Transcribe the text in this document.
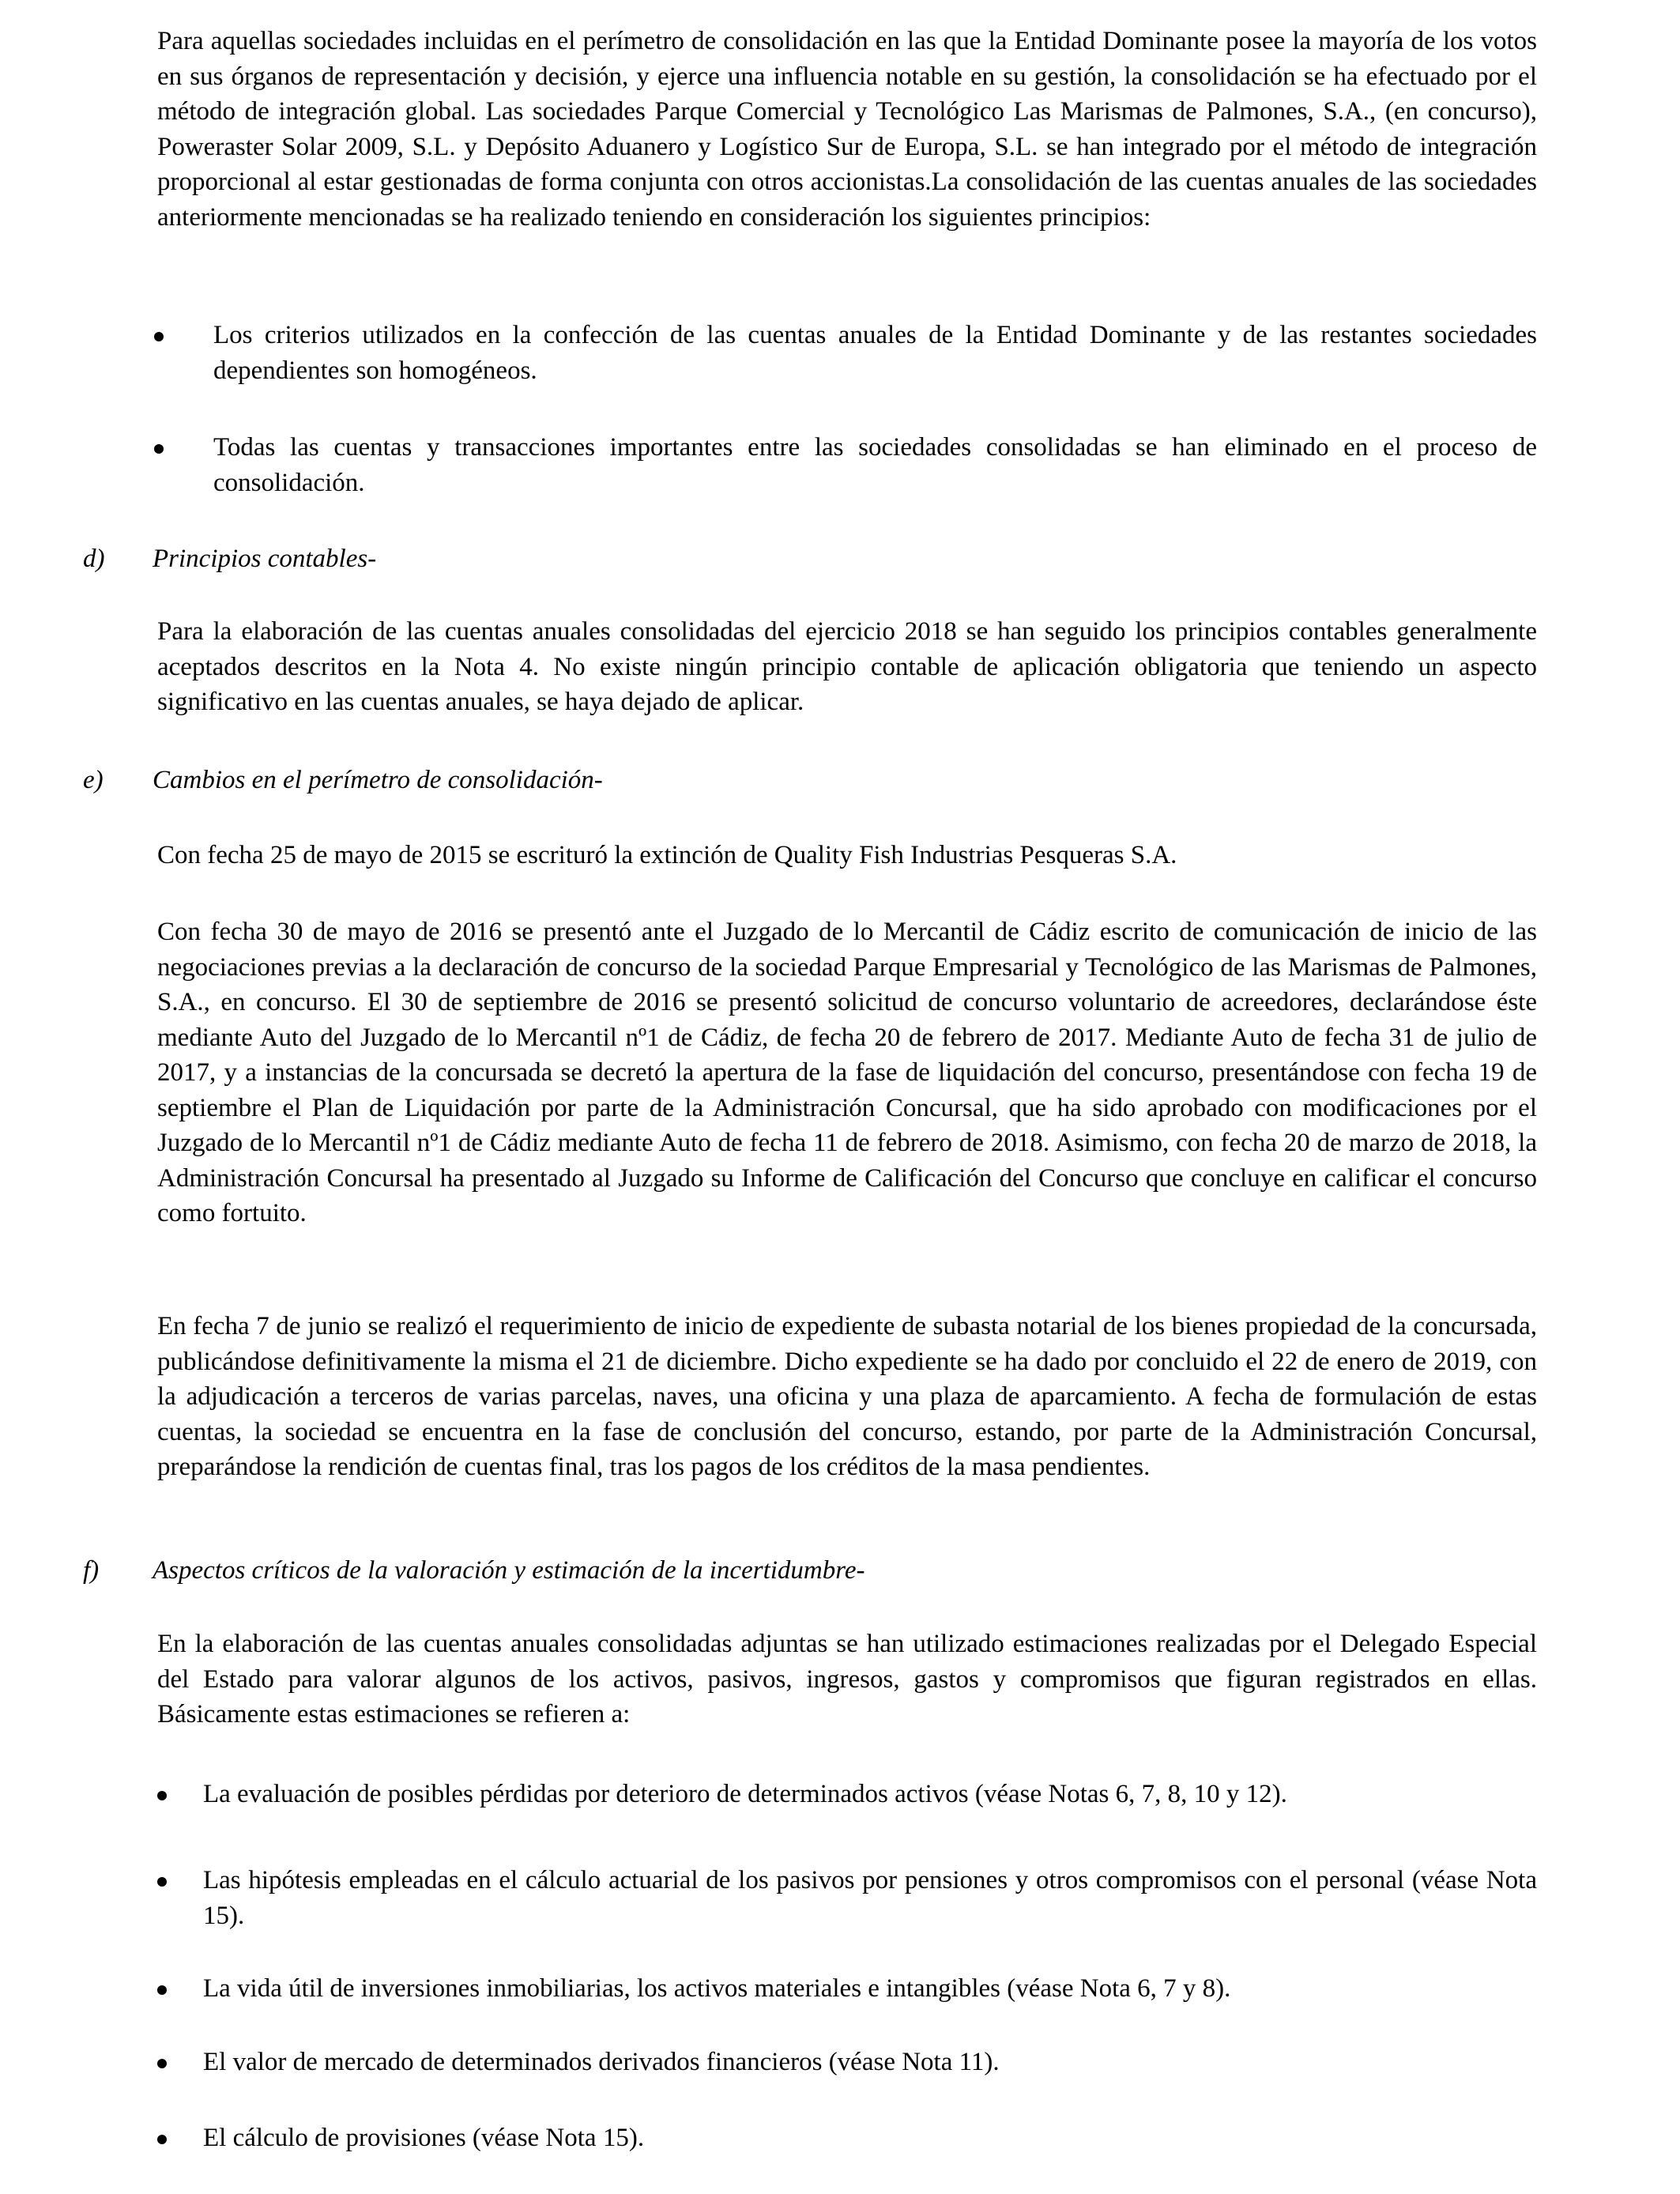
Para aquellas sociedades incluidas en el perímetro de consolidación en las que la Entidad Dominante posee la mayoría de los votos en sus órganos de representación y decisión, y ejerce una influencia notable en su gestión, la consolidación se ha efectuado por el método de integración global. Las sociedades Parque Comercial y Tecnológico Las Marismas de Palmones, S.A., (en concurso), Poweraster Solar 2009, S.L. y Depósito Aduanero y Logístico Sur de Europa, S.L. se han integrado por el método de integración proporcional al estar gestionadas de forma conjunta con otros accionistas.La consolidación de las cuentas anuales de las sociedades anteriormente mencionadas se ha realizado teniendo en consideración los siguientes principios:
Los criterios utilizados en la confección de las cuentas anuales de la Entidad Dominante y de las restantes sociedades dependientes son homogéneos.
Todas las cuentas y transacciones importantes entre las sociedades consolidadas se han eliminado en el proceso de consolidación.
d) Principios contables-
Para la elaboración de las cuentas anuales consolidadas del ejercicio 2018 se han seguido los principios contables generalmente aceptados descritos en la Nota 4. No existe ningún principio contable de aplicación obligatoria que teniendo un aspecto significativo en las cuentas anuales, se haya dejado de aplicar.
e) Cambios en el perímetro de consolidación-
Con fecha 25 de mayo de 2015 se escrituró la extinción de Quality Fish Industrias Pesqueras S.A.
Con fecha 30 de mayo de 2016 se presentó ante el Juzgado de lo Mercantil de Cádiz escrito de comunicación de inicio de las negociaciones previas a la declaración de concurso de la sociedad Parque Empresarial y Tecnológico de las Marismas de Palmones, S.A., en concurso. El 30 de septiembre de 2016 se presentó solicitud de concurso voluntario de acreedores, declarándose éste mediante Auto del Juzgado de lo Mercantil nº1 de Cádiz, de fecha 20 de febrero de 2017. Mediante Auto de fecha 31 de julio de 2017, y a instancias de la concursada se decretó la apertura de la fase de liquidación del concurso, presentándose con fecha 19 de septiembre el Plan de Liquidación por parte de la Administración Concursal, que ha sido aprobado con modificaciones por el Juzgado de lo Mercantil nº1 de Cádiz mediante Auto de fecha 11 de febrero de 2018. Asimismo, con fecha 20 de marzo de 2018, la Administración Concursal ha presentado al Juzgado su Informe de Calificación del Concurso que concluye en calificar el concurso como fortuito.
En fecha 7 de junio se realizó el requerimiento de inicio de expediente de subasta notarial de los bienes propiedad de la concursada, publicándose definitivamente la misma el 21 de diciembre. Dicho expediente se ha dado por concluido el 22 de enero de 2019, con la adjudicación a terceros de varias parcelas, naves, una oficina y una plaza de aparcamiento. A fecha de formulación de estas cuentas, la sociedad se encuentra en la fase de conclusión del concurso, estando, por parte de la Administración Concursal, preparándose la rendición de cuentas final, tras los pagos de los créditos de la masa pendientes.
f) Aspectos críticos de la valoración y estimación de la incertidumbre-
En la elaboración de las cuentas anuales consolidadas adjuntas se han utilizado estimaciones realizadas por el Delegado Especial del Estado para valorar algunos de los activos, pasivos, ingresos, gastos y compromisos que figuran registrados en ellas. Básicamente estas estimaciones se refieren a:
La evaluación de posibles pérdidas por deterioro de determinados activos (véase Notas 6, 7, 8, 10 y 12).
Las hipótesis empleadas en el cálculo actuarial de los pasivos por pensiones y otros compromisos con el personal (véase Nota 15).
La vida útil de inversiones inmobiliarias, los activos materiales e intangibles (véase Nota 6, 7 y 8).
El valor de mercado de determinados derivados financieros (véase Nota 11).
El cálculo de provisiones (véase Nota 15).
